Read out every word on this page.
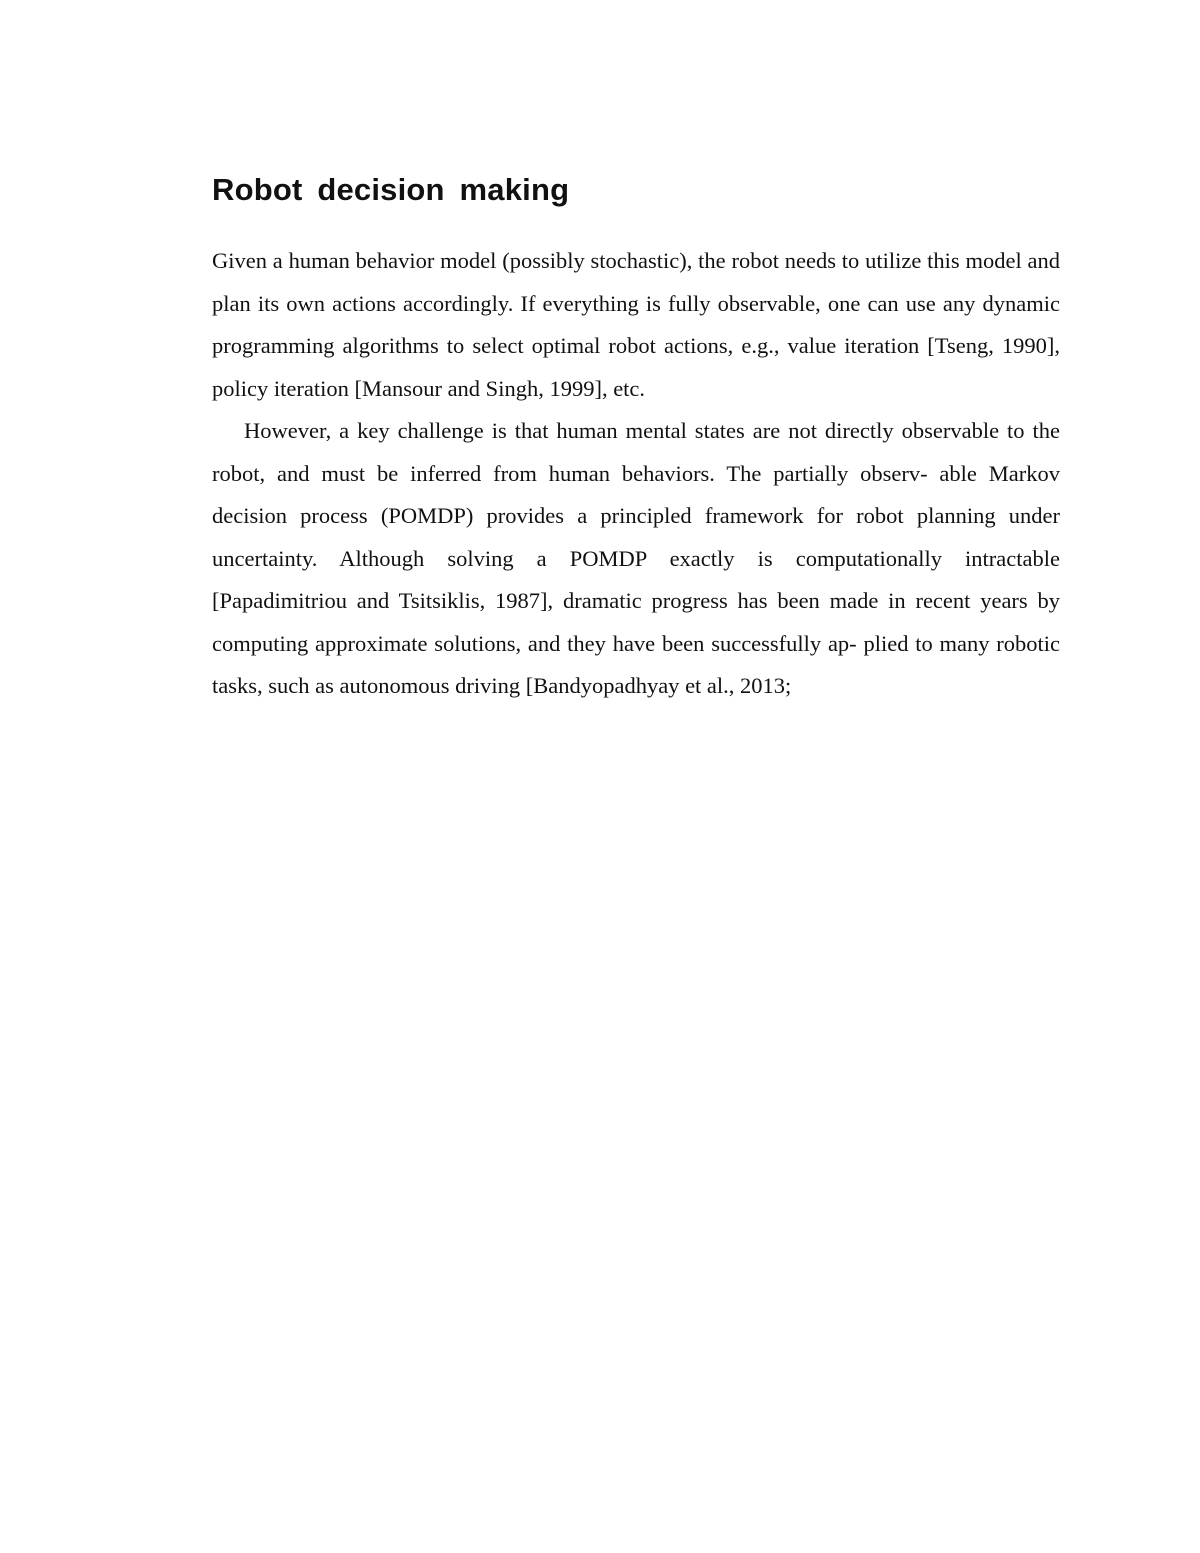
Robot decision making

Given a human behavior model (possibly stochastic), the robot needs to utilize this model and plan its own actions accordingly. If everything is fully observable, one can use any dynamic programming algorithms to select optimal robot actions, e.g., value iteration [Tseng, 1990], policy iteration [Mansour and Singh, 1999], etc.

However, a key challenge is that human mental states are not directly observable to the robot, and must be inferred from human behaviors. The partially observ- able Markov decision process (POMDP) provides a principled framework for robot planning under uncertainty. Although solving a POMDP exactly is computationally intractable [Papadimitriou and Tsitsiklis, 1987], dramatic progress has been made in recent years by computing approximate solutions, and they have been successfully ap- plied to many robotic tasks, such as autonomous driving [Bandyopadhyay et al., 2013;
